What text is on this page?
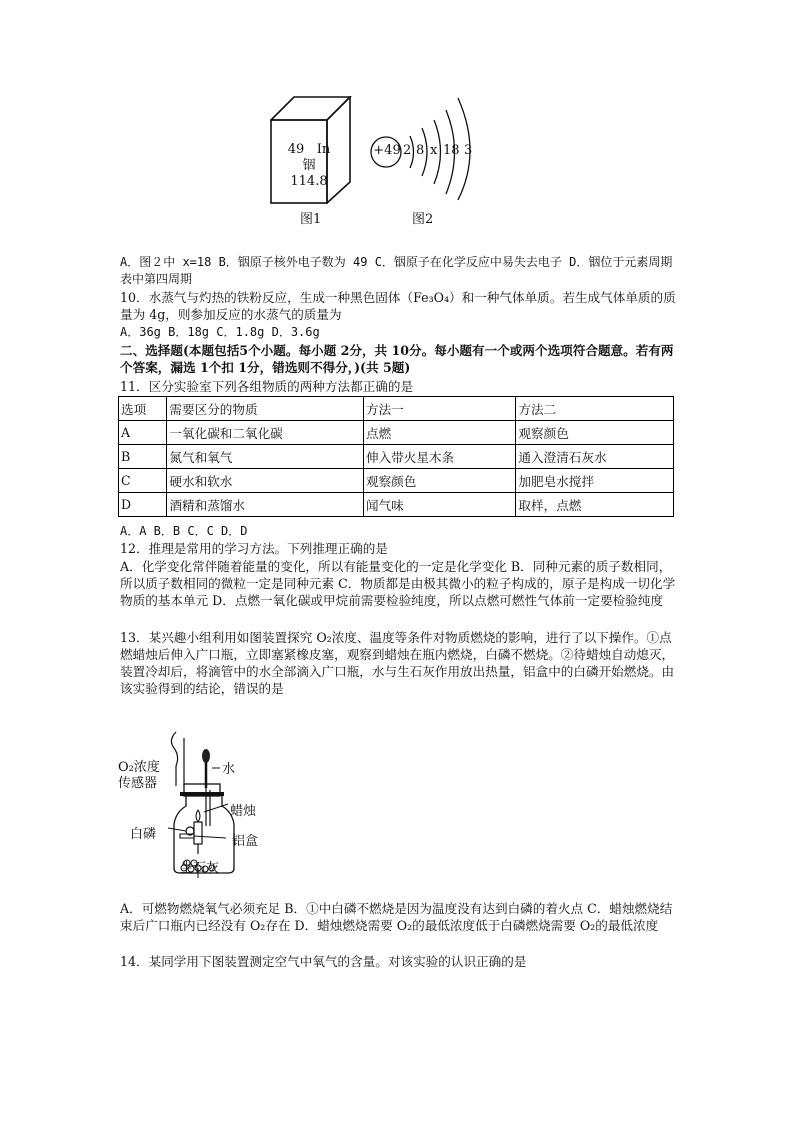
49 In
铟
114.8
图1
+49 2 8 x 18 3
图2
A．图２中 x=18 B．铟原子核外电子数为 49 C．铟原子在化学反应中易失去电子 D．铟位于元素周期表中第四周期
10．水蒸气与灼热的铁粉反应，生成一种黑色固体（Fe₃O₄）和一种气体单质。若生成气体单质的质量为 4g，则参加反应的水蒸气的质量为
A．36g B．18g C．1.8g D．3.6g
二、选择题(本题包括5个小题。每小题 2分，共 10分。每小题有一个或两个选项符合题意。若有两个答案，漏选 1个扣 1分，错选则不得分，)(共 5题)
11．区分实验室下列各组物质的两种方法都正确的是
选项	需要区分的物质	方法一	方法二
A	一氧化碳和二氧化碳	点燃	观察颜色
B	氮气和氧气	伸入带火星木条	通入澄清石灰水
C	硬水和软水	观察颜色	加肥皂水搅拌
D	酒精和蒸馏水	闻气味	取样，点燃
A．A B．B C．C D．D
12．推理是常用的学习方法。下列推理正确的是
A．化学变化常伴随着能量的变化，所以有能量变化的一定是化学变化 B．同种元素的质子数相同，所以质子数相同的微粒一定是同种元素 C．物质都是由极其微小的粒子构成的，原子是构成一切化学物质的基本单元 D．点燃一氧化碳或甲烷前需要检验纯度，所以点燃可燃性气体前一定要检验纯度
13．某兴趣小组利用如图装置探究 O₂浓度、温度等条件对物质燃烧的影响，进行了以下操作。①点燃蜡烛后伸入广口瓶，立即塞紧橡皮塞，观察到蜡烛在瓶内燃烧，白磷不燃烧。②待蜡烛自动熄灭，装置冷却后，将滴管中的水全部滴入广口瓶，水与生石灰作用放出热量，铝盒中的白磷开始燃烧。由该实验得到的结论，错误的是
O₂浓度
传感器
水
蜡烛
白磷	铝盒
生石灰
A．可燃物燃烧氧气必须充足 B．①中白磷不燃烧是因为温度没有达到白磷的着火点 C．蜡烛燃烧结束后广口瓶内已经没有 O₂存在 D．蜡烛燃烧需要 O₂的最低浓度低于白磷燃烧需要 O₂的最低浓度
14．某同学用下图装置测定空气中氧气的含量。对该实验的认识正确的是
